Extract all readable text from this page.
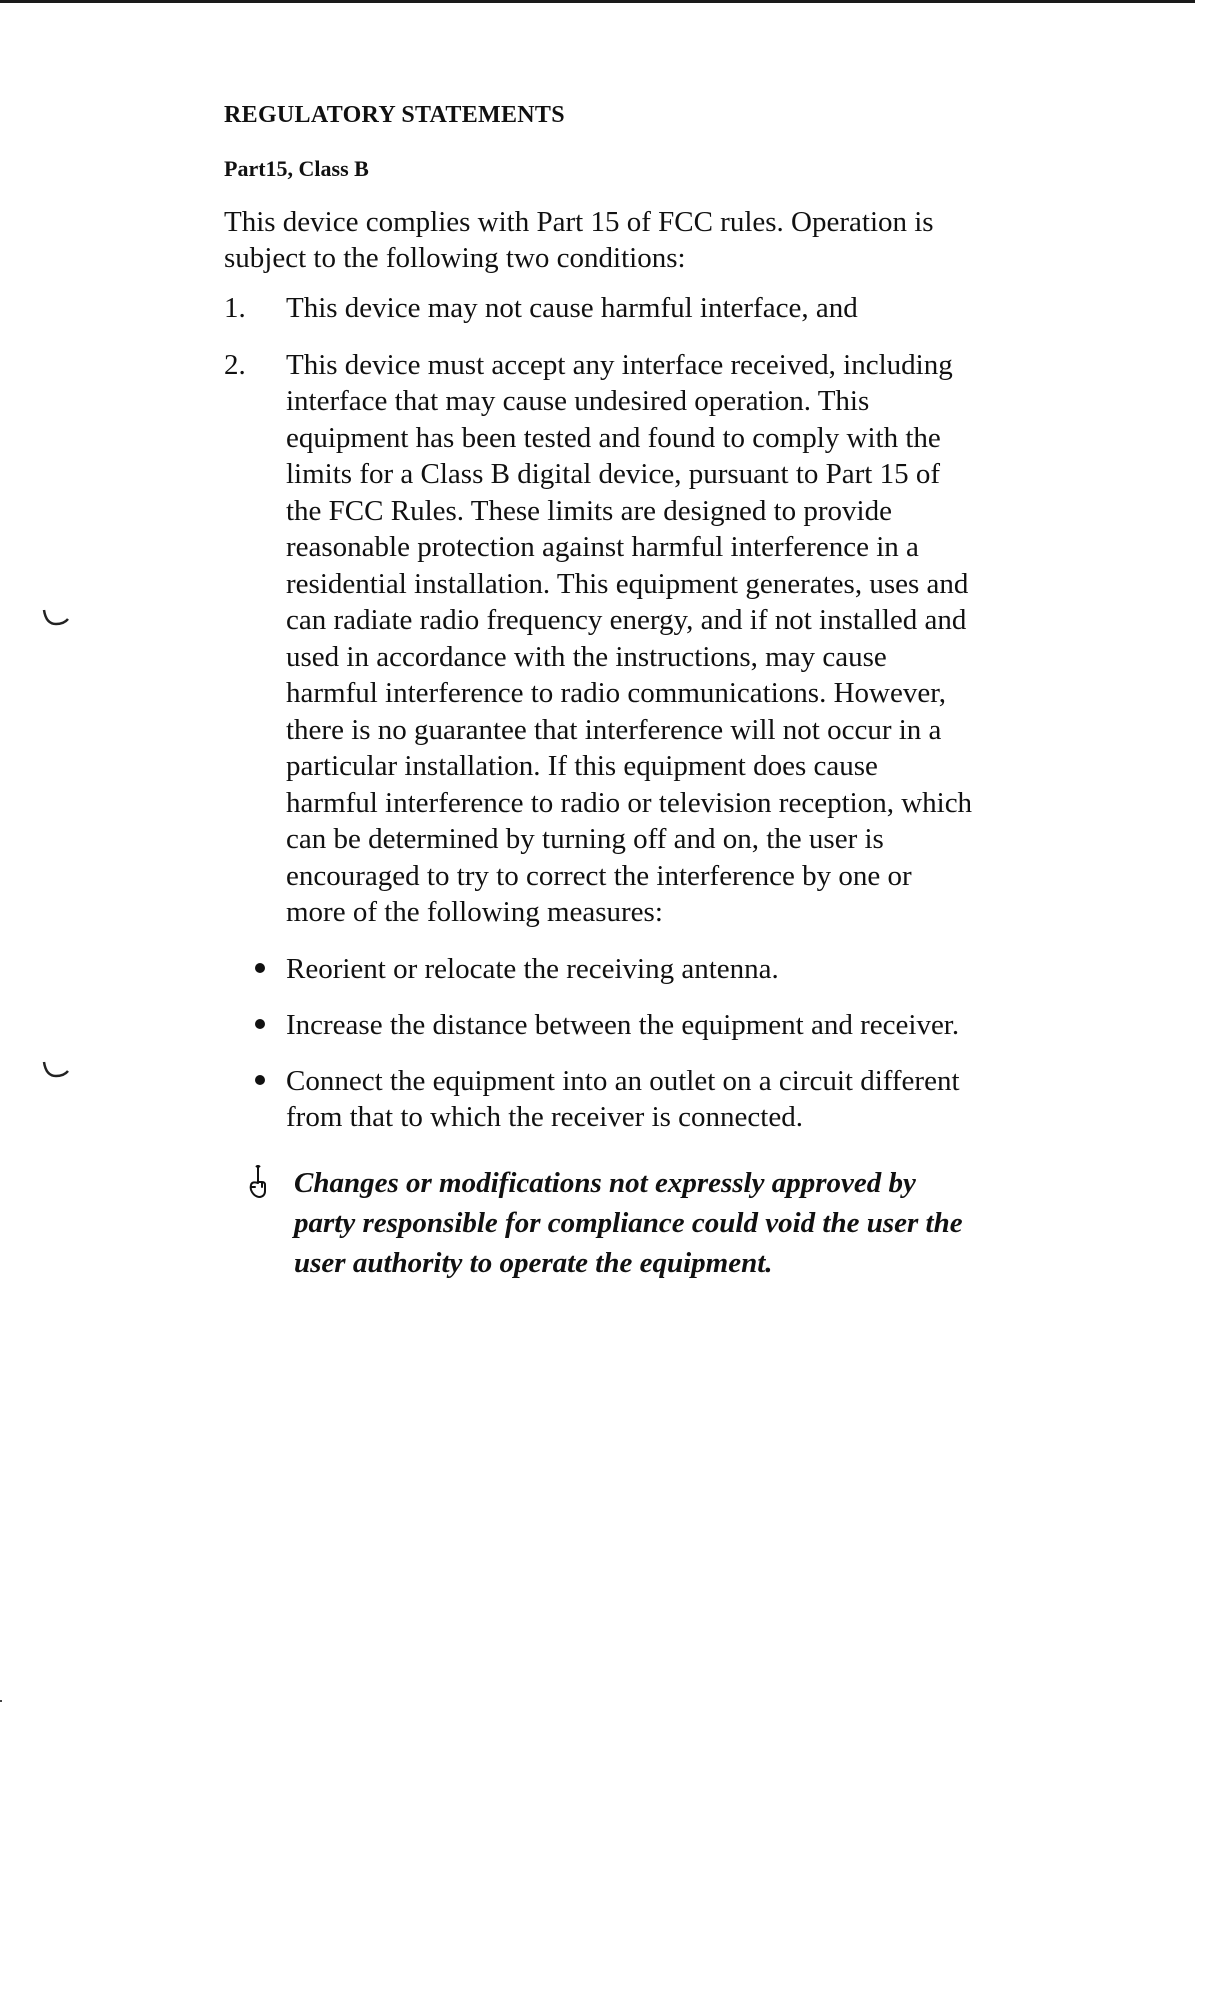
REGULATORY STATEMENTS
Part15, Class B

This device complies with Part 15 of FCC rules. Operation is subject to the following two conditions:

1.	This device may not cause harmful interface, and
2.	This device must accept any interface received, including interface that may cause undesired operation. This equipment has been tested and found to comply with the limits for a Class B digital device, pursuant to Part 15 of the FCC Rules. These limits are designed to provide reasonable protection against harmful interference in a residential installation. This equipment generates, uses and can radiate radio frequency energy, and if not installed and used in accordance with the instructions, may cause harmful interference to radio communications. However, there is no guarantee that interference will not occur in a particular installation. If this equipment does cause harmful interference to radio or television reception, which can be determined by turning off and on, the user is encouraged to try to correct the interference by one or more of the following measures:
Reorient or relocate the receiving antenna.
Increase the distance between the equipment and receiver.
Connect the equipment into an outlet on a circuit different from that to which the receiver is connected.
Changes or modifications not expressly approved by party responsible for compliance could void the user the user authority to operate the equipment.
